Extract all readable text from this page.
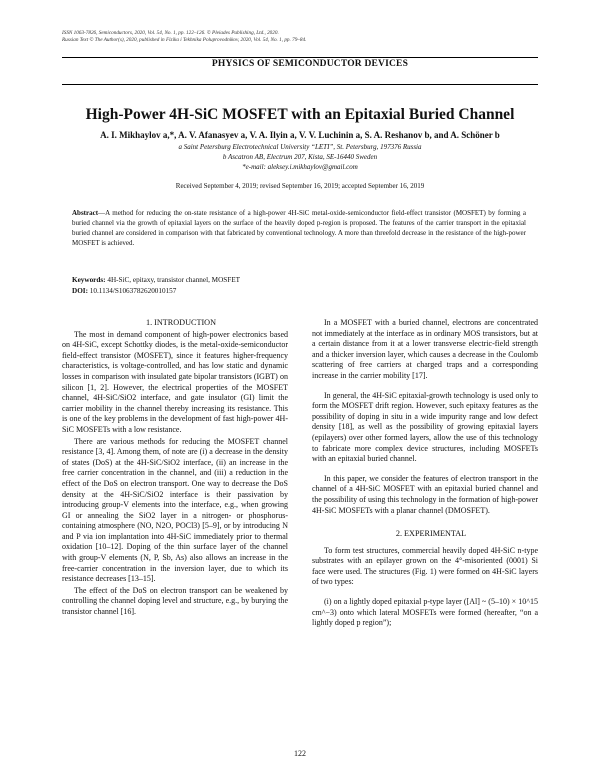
ISSN 1063-7826, Semiconductors, 2020, Vol. 54, No. 1, pp. 122–126. © Pleiades Publishing, Ltd., 2020.
Russian Text © The Author(s), 2020, published in Fizika i Tekhnika Poluprovodnikov, 2020, Vol. 54, No. 1, pp. 79–84.
PHYSICS OF SEMICONDUCTOR DEVICES
High-Power 4H-SiC MOSFET with an Epitaxial Buried Channel
A. I. Mikhaylov a,*, A. V. Afanasyev a, V. A. Ilyin a, V. V. Luchinin a, S. A. Reshanov b, and A. Schöner b
a Saint Petersburg Electrotechnical University “LETI”, St. Petersburg, 197376 Russia
b Ascatron AB, Electrum 207, Kista, SE-16440 Sweden
*e-mail: aleksey.i.mikhaylov@gmail.com
Received September 4, 2019; revised September 16, 2019; accepted September 16, 2019
Abstract—A method for reducing the on-state resistance of a high-power 4H-SiC metal-oxide-semiconductor field-effect transistor (MOSFET) by forming a buried channel via the growth of epitaxial layers on the surface of the heavily doped p-region is proposed. The features of the carrier transport in the epitaxial buried channel are considered in comparison with that fabricated by conventional technology. A more than threefold decrease in the resistance of the high-power MOSFET is achieved.
Keywords: 4H-SiC, epitaxy, transistor channel, MOSFET
DOI: 10.1134/S1063782620010157

1. INTRODUCTION

The most in demand component of high-power electronics based on 4H-SiC, except Schottky diodes, is the metal-oxide-semiconductor field-effect transistor (MOSFET), since it features higher-frequency characteristics, is voltage-controlled, and has low static and dynamic losses in comparison with insulated gate bipolar transistors (IGBT) on silicon [1, 2]. However, the electrical properties of the MOSFET channel, 4H-SiC/SiO2 interface, and gate insulator (GI) limit the carrier mobility in the channel thereby increasing its resistance. This is one of the key problems in the development of fast high-power 4H-SiC MOSFETs with a low resistance.

There are various methods for reducing the MOSFET channel resistance [3, 4]. Among them, of note are (i) a decrease in the density of states (DoS) at the 4H-SiC/SiO2 interface, (ii) an increase in the free carrier concentration in the channel, and (iii) a reduction in the effect of the DoS on electron transport. One way to decrease the DoS density at the 4H-SiC/SiO2 interface is their passivation by introducing group-V elements into the interface, e.g., when growing GI or annealing the SiO2 layer in a nitrogen- or phosphorus-containing atmosphere (NO, N2O, POCl3) [5–9], or by introducing N and P via ion implantation into 4H-SiC immediately prior to thermal oxidation [10–12]. Doping of the thin surface layer of the channel with group-V elements (N, P, Sb, As) also allows an increase in the free-carrier concentration in the inversion layer, due to which its resistance decreases [13–15].

The effect of the DoS on electron transport can be weakened by controlling the channel doping level and structure, e.g., by burying the transistor channel [16].

In a MOSFET with a buried channel, electrons are concentrated not immediately at the interface as in ordinary MOS transistors, but at a certain distance from it at a lower transverse electric-field strength and a thicker inversion layer, which causes a decrease in the Coulomb scattering of free carriers at charged traps and a corresponding increase in the carrier mobility [17].

In general, the 4H-SiC epitaxial-growth technology is used only to form the MOSFET drift region. However, such epitaxy features as the possibility of doping in situ in a wide impurity range and low defect density [18], as well as the possibility of growing epitaxial layers (epilayers) over other formed layers, allow the use of this technology to fabricate more complex device structures, including MOSFETs with an epitaxial buried channel.

In this paper, we consider the features of electron transport in the channel of a 4H-SiC MOSFET with an epitaxial buried channel and the possibility of using this technology in the formation of high-power 4H-SiC MOSFETs with a planar channel (DMOSFET).

2. EXPERIMENTAL

To form test structures, commercial heavily doped 4H-SiC n-type substrates with an epilayer grown on the 4°-misoriented (0001) Si face were used. The structures (Fig. 1) were formed on 4H-SiC layers of two types:

(i) on a lightly doped epitaxial p-type layer ([Al] ~ (5–10) × 10^15 cm^−3) onto which lateral MOSFETs were formed (hereafter, “on a lightly doped p region”);

122
